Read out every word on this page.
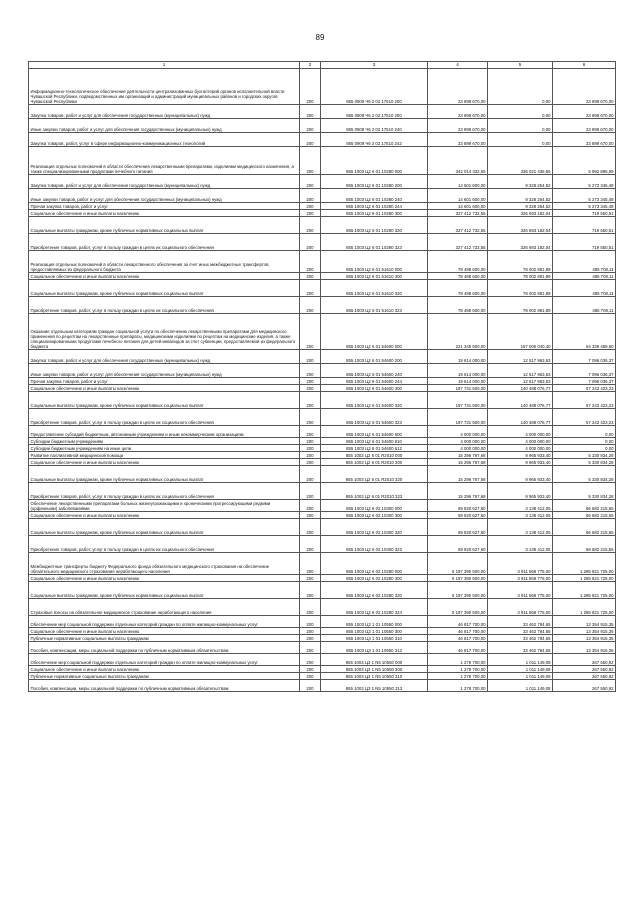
89
1	2	3	4	5	6
Информационно-технологическое обеспечение деятельности централизованных бухгалтерий органов исполнительной власти Чувашской Республики, подведомственных им организаций и администраций муниципальных районов и городских округов Чувашской Республики	200	855 0909 Ч6 2 02 17510 200	23 899 670,00	0,00	23 899 670,00
Закупка товаров, работ и услуг для обеспечения государственных (муниципальных) нужд	200	855 0909 Ч6 2 02 17510 200	23 899 670,00	0,00	23 899 670,00
Иные закупки товаров, работ и услуг для обеспечения государственных (муниципальных) нужд	200	855 0909 Ч6 2 02 17510 240	23 899 670,00	0,00	23 899 670,00
Закупка товаров, работ, услуг в сфере информационно-коммуникационных технологий	200	855 0909 Ч6 2 02 17510 242	23 899 670,00	0,00	23 899 670,00
Реализация отдельных полномочий в области обеспечения лекарственными препаратами, изделиями медицинского назначения, а также специализированными продуктами лечебного питания	200	855 1003 Ц2 6 01 10280 000	342 014 332,55	336 021 436,56	5 992 895,99
Закупка товаров, работ и услуг для обеспечения государственных (муниципальных) нужд	200	855 1003 Ц2 6 01 10280 200	14 601 600,00	9 328 254,52	5 273 345,48
Иные закупки товаров, работ и услуг для обеспечения государственных (муниципальных) нужд	200	855 1003 Ц2 6 01 10280 240	14 601 600,00	9 328 254,52	5 273 345,48
Прочая закупка товаров, работ и услуг	200	855 1003 Ц2 6 01 10280 244	14 601 600,00	9 328 254,52	5 273 345,48
Социальное обеспечение и иные выплаты населению	200	855 1003 Ц2 6 01 10280 300	327 412 732,55	326 693 182,04	719 550,51
Социальные выплаты гражданам, кроме публичных нормативных социальных выплат	200	855 1003 Ц2 6 01 10280 320	327 412 732,55	326 693 182,04	719 550,51
Приобретение товаров, работ, услуг в пользу граждан в целях их социального обеспечения	200	855 1003 Ц2 6 01 10280 323	327 412 732,55	326 693 182,04	719 550,51
Реализация отдельных полномочий в области лекарственного обеспечения за счет иных межбюджетных трансфертов, предоставляемых из федерального бюджета	200	855 1003 Ц2 6 01 51610 000	78 488 600,00	78 002 891,89	485 708,11
Социальное обеспечение и иные выплаты населению	200	855 1003 Ц2 6 01 51610 300	78 488 600,00	78 002 891,89	485 708,11
Социальные выплаты гражданам, кроме публичных нормативных социальных выплат	200	855 1003 Ц2 6 01 51610 320	78 488 600,00	78 002 891,89	485 708,11
Приобретение товаров, работ, услуг в пользу граждан в целях их социального обеспечения	200	855 1003 Ц2 6 01 51610 323	78 488 600,00	78 002 891,89	485 708,11
Оказание отдельным категориям граждан социальной услуги по обеспечению лекарственными препаратами для медицинского применения по рецептам на лекарственные препараты, медицинскими изделиями по рецептам на медицинские изделия, а также специализированными продуктами лечебного питания для детей-инвалидов за счет субвенции, предоставляемой из федерального бюджета	200	855 1003 Ц2 6 01 54600 000	221 345 500,00	157 006 040,40	64 339 459,60
Закупка товаров, работ и услуг для обеспечения государственных (муниципальных) нужд	200	855 1003 Ц2 6 01 54600 200	19 614 000,00	12 517 963,63	7 096 036,37
Иные закупки товаров, работ и услуг для обеспечения государственных (муниципальных) нужд	200	855 1003 Ц2 6 01 54600 240	19 614 000,00	12 517 963,63	7 096 036,37
Прочая закупка товаров, работ и услуг	200	855 1003 Ц2 6 01 54600 244	19 614 000,00	12 517 963,63	7 096 036,37
Социальное обеспечение и иные выплаты населению	200	855 1003 Ц2 6 01 54600 300	197 731 500,00	140 488 076,77	57 243 423,23
Социальные выплаты гражданам, кроме публичных нормативных социальных выплат	200	855 1003 Ц2 6 01 54600 320	197 731 500,00	140 488 076,77	57 243 423,23
Приобретение товаров, работ, услуг в пользу граждан в целях их социального обеспечения	200	855 1003 Ц2 6 01 54600 323	197 731 500,00	140 488 076,77	57 243 423,23
Предоставление субсидий бюджетным, автономным учреждениям и иным некоммерческим организациям	200	855 1003 Ц2 6 01 54600 600	4 000 000,00	4 000 000,00	0,00
Субсидии бюджетным учреждениям	200	855 1003 Ц2 6 01 54600 610	4 000 000,00	4 000 000,00	0,00
Субсидии бюджетным учреждениям на иные цели	200	855 1003 Ц2 6 01 54600 612	4 000 000,00	4 000 000,00	0,00
Развитие паллиативной медицинской помощи	200	855 1003 Ц2 6 01 R2010 000	15 296 767,68	9 965 933,40	5 330 834,28
Социальное обеспечение и иные выплаты населению	200	855 1003 Ц2 6 01 R2010 300	15 296 767,68	9 965 933,40	5 330 834,28
Социальные выплаты гражданам, кроме публичных нормативных социальных выплат	200	855 1003 Ц2 6 01 R2010 320	15 296 767,68	9 965 933,40	5 330 834,28
Приобретение товаров, работ, услуг в пользу граждан в целях их социального обеспечения	200	855 1003 Ц2 6 01 R2010 323	15 296 767,68	9 965 933,40	5 330 834,28
Обеспечение лекарственными препаратами больных жизнеугрожающими и хроническими прогрессирующими редкими (орфанными) заболеваниями	200	855 1003 Ц2 6 02 10300 000	69 820 627,60	3 138 412,05	66 682 215,55
Социальное обеспечение и иные выплаты населению	200	855 1003 Ц2 6 02 10300 300	69 820 627,60	3 138 412,05	66 682 215,55
Социальные выплаты гражданам, кроме публичных нормативных социальных выплат	200	855 1003 Ц2 6 02 10300 320	69 820 627,60	3 138 412,05	66 682 215,55
Приобретение товаров, работ, услуг в пользу граждан в целях их социального обеспечения	200	855 1003 Ц2 6 02 10300 323	69 820 627,60	3 138 412,05	66 682 215,55
Межбюджетные трансферты бюджету Федерального фонда обязательного медицинского страхования на обеспечение обязательного медицинского страхования неработающего населения	200	855 1003 Ц2 6 02 10280 000	5 197 390 500,00	3 911 568 775,00	1 285 821 725,00
Социальное обеспечение и иные выплаты населению	200	855 1003 Ц2 6 02 10280 300	5 197 390 500,00	3 911 568 775,00	1 285 821 725,00
Социальные выплаты гражданам, кроме публичных нормативных социальных выплат	200	855 1003 Ц2 6 02 10280 320	5 197 390 500,00	3 911 568 775,00	1 285 821 725,00
Страховые взносы на обязательное медицинское страхование неработающего населения	200	855 1003 Ц2 6 02 10280 324	5 197 390 500,00	3 911 568 775,00	1 285 821 725,00
Обеспечение мер социальной поддержки отдельных категорий граждан по оплате жилищно-коммунальных услуг	200	855 1003 Ц3 1 01 10550 000	46 817 700,00	33 462 784,65	13 354 915,35
Социальное обеспечение и иные выплаты населению	200	855 1003 Ц3 1 01 10550 300	46 817 700,00	33 462 784,65	13 354 915,35
Публичные нормативные социальные выплаты гражданам	200	855 1003 Ц3 1 01 10550 310	46 817 700,00	33 462 784,65	13 354 915,35
Пособия, компенсации, меры социальной поддержки по публичным нормативным обязательствам	200	855 1003 Ц3 1 01 10550 313	46 817 700,00	33 462 784,65	13 354 915,35
Обеспечение мер социальной поддержки отдельных категорий граждан по оплате жилищно-коммунальных услуг	200	855 1003 Ц3 1 N5 10550 000	1 278 700,00	1 011 149,08	267 550,92
Социальное обеспечение и иные выплаты населению	200	855 1003 Ц3 1 N5 10550 300	1 278 700,00	1 011 149,08	267 550,92
Публичные нормативные социальные выплаты гражданам	200	855 1003 Ц3 1 N5 10550 310	1 278 700,00	1 011 149,08	267 550,92
Пособия, компенсации, меры социальной поддержки по публичным нормативным обязательствам	200	855 1003 Ц3 1 N5 10550 313	1 278 700,00	1 011 149,08	267 550,92
